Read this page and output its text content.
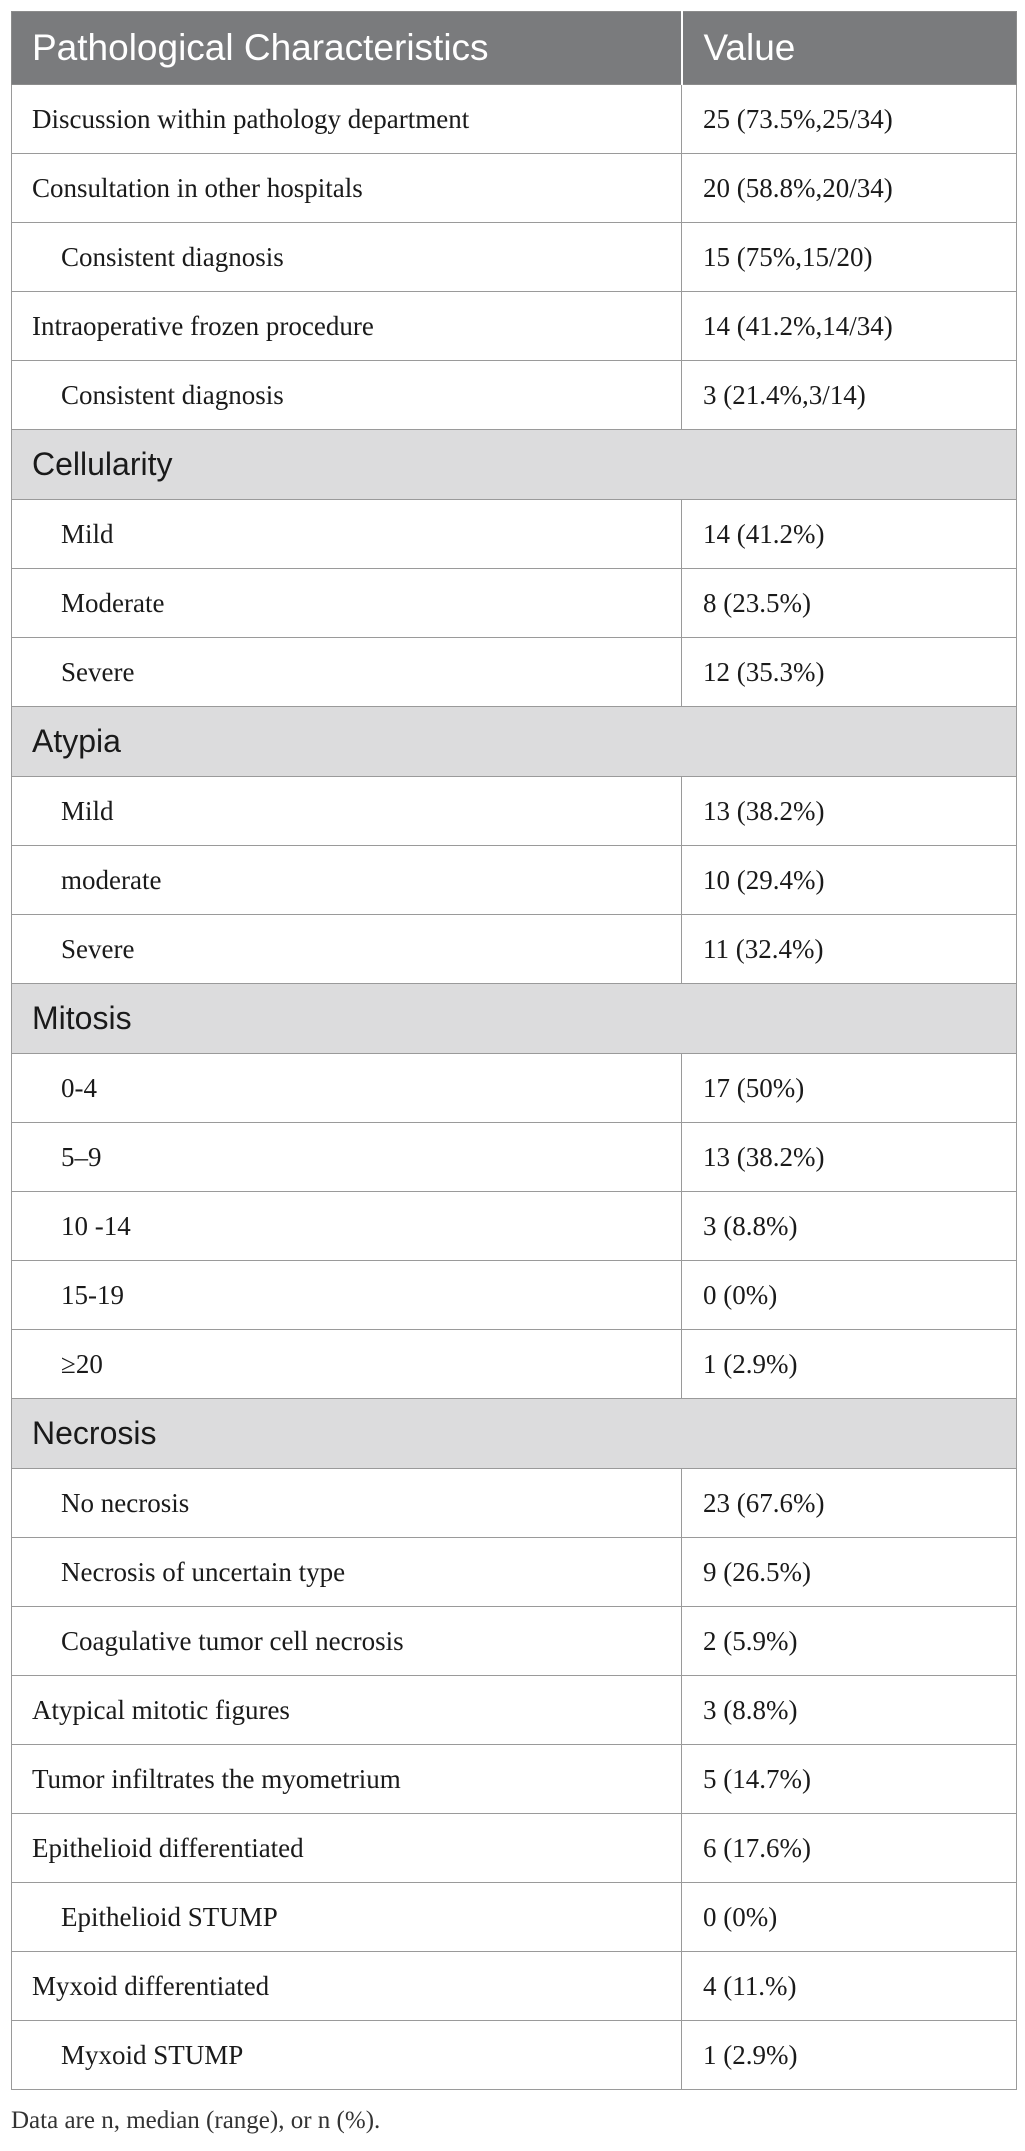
Pathological Characteristics	Value
Discussion within pathology department	25 (73.5%,25/34)
Consultation in other hospitals	20 (58.8%,20/34)
Consistent diagnosis	15 (75%,15/20)
Intraoperative frozen procedure	14 (41.2%,14/34)
Consistent diagnosis	3 (21.4%,3/14)
Cellularity	
Mild	14 (41.2%)
Moderate	8 (23.5%)
Severe	12 (35.3%)
Atypia	
Mild	13 (38.2%)
moderate	10 (29.4%)
Severe	11 (32.4%)
Mitosis	
0-4	17 (50%)
5–9	13 (38.2%)
10 -14	3 (8.8%)
15-19	0 (0%)
≥20	1 (2.9%)
Necrosis	
No necrosis	23 (67.6%)
Necrosis of uncertain type	9 (26.5%)
Coagulative tumor cell necrosis	2 (5.9%)
Atypical mitotic figures	3 (8.8%)
Tumor infiltrates the myometrium	5 (14.7%)
Epithelioid differentiated	6 (17.6%)
Epithelioid STUMP	0 (0%)
Myxoid differentiated	4 (11.%)
Myxoid STUMP	1 (2.9%)
Data are n, median (range), or n (%).
